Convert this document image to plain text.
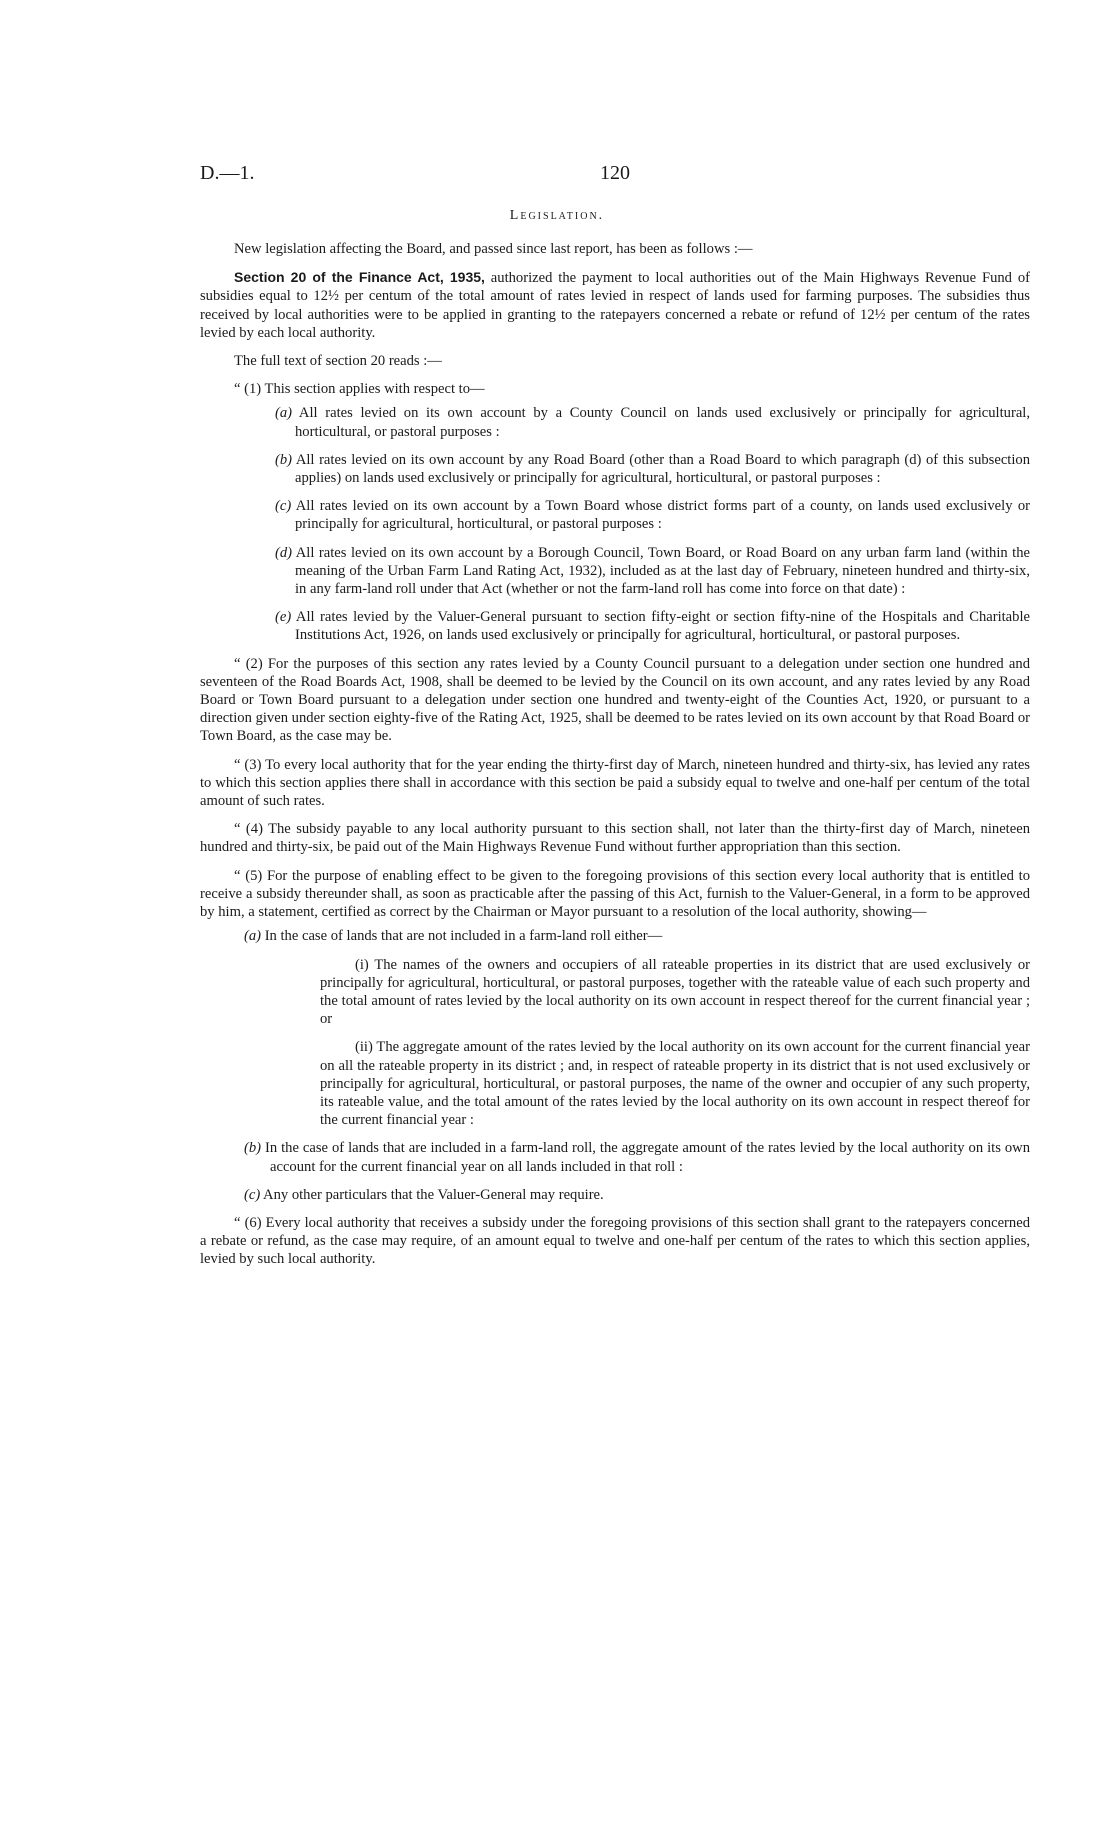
D.—1.	120
Legislation.

New legislation affecting the Board, and passed since last report, has been as follows :—

Section 20 of the Finance Act, 1935, authorized the payment to local authorities out of the Main Highways Revenue Fund of subsidies equal to 12½ per centum of the total amount of rates levied in respect of lands used for farming purposes. The subsidies thus received by local authorities were to be applied in granting to the ratepayers concerned a rebate or refund of 12½ per centum of the rates levied by each local authority.

The full text of section 20 reads :—

“ (1) This section applies with respect to—

(a) All rates levied on its own account by a County Council on lands used exclusively or principally for agricultural, horticultural, or pastoral purposes :

(b) All rates levied on its own account by any Road Board (other than a Road Board to which paragraph (d) of this subsection applies) on lands used exclusively or principally for agricultural, horticultural, or pastoral purposes :

(c) All rates levied on its own account by a Town Board whose district forms part of a county, on lands used exclusively or principally for agricultural, horticultural, or pastoral purposes :

(d) All rates levied on its own account by a Borough Council, Town Board, or Road Board on any urban farm land (within the meaning of the Urban Farm Land Rating Act, 1932), included as at the last day of February, nineteen hundred and thirty-six, in any farm-land roll under that Act (whether or not the farm-land roll has come into force on that date) :

(e) All rates levied by the Valuer-General pursuant to section fifty-eight or section fifty-nine of the Hospitals and Charitable Institutions Act, 1926, on lands used exclusively or principally for agricultural, horticultural, or pastoral purposes.

“ (2) For the purposes of this section any rates levied by a County Council pursuant to a delegation under section one hundred and seventeen of the Road Boards Act, 1908, shall be deemed to be levied by the Council on its own account, and any rates levied by any Road Board or Town Board pursuant to a delegation under section one hundred and twenty-eight of the Counties Act, 1920, or pursuant to a direction given under section eighty-five of the Rating Act, 1925, shall be deemed to be rates levied on its own account by that Road Board or Town Board, as the case may be.

“ (3) To every local authority that for the year ending the thirty-first day of March, nineteen hundred and thirty-six, has levied any rates to which this section applies there shall in accordance with this section be paid a subsidy equal to twelve and one-half per centum of the total amount of such rates.

“ (4) The subsidy payable to any local authority pursuant to this section shall, not later than the thirty-first day of March, nineteen hundred and thirty-six, be paid out of the Main Highways Revenue Fund without further appropriation than this section.

“ (5) For the purpose of enabling effect to be given to the foregoing provisions of this section every local authority that is entitled to receive a subsidy thereunder shall, as soon as practicable after the passing of this Act, furnish to the Valuer-General, in a form to be approved by him, a statement, certified as correct by the Chairman or Mayor pursuant to a resolution of the local authority, showing—

(a) In the case of lands that are not included in a farm-land roll either—

(i) The names of the owners and occupiers of all rateable properties in its district that are used exclusively or principally for agricultural, horticultural, or pastoral purposes, together with the rateable value of each such property and the total amount of rates levied by the local authority on its own account in respect thereof for the current financial year ; or

(ii) The aggregate amount of the rates levied by the local authority on its own account for the current financial year on all the rateable property in its district ; and, in respect of rateable property in its district that is not used exclusively or principally for agricultural, horticultural, or pastoral purposes, the name of the owner and occupier of any such property, its rateable value, and the total amount of the rates levied by the local authority on its own account in respect thereof for the current financial year :

(b) In the case of lands that are included in a farm-land roll, the aggregate amount of the rates levied by the local authority on its own account for the current financial year on all lands included in that roll :

(c) Any other particulars that the Valuer-General may require.

“ (6) Every local authority that receives a subsidy under the foregoing provisions of this section shall grant to the ratepayers concerned a rebate or refund, as the case may require, of an amount equal to twelve and one-half per centum of the rates to which this section applies, levied by such local authority.
